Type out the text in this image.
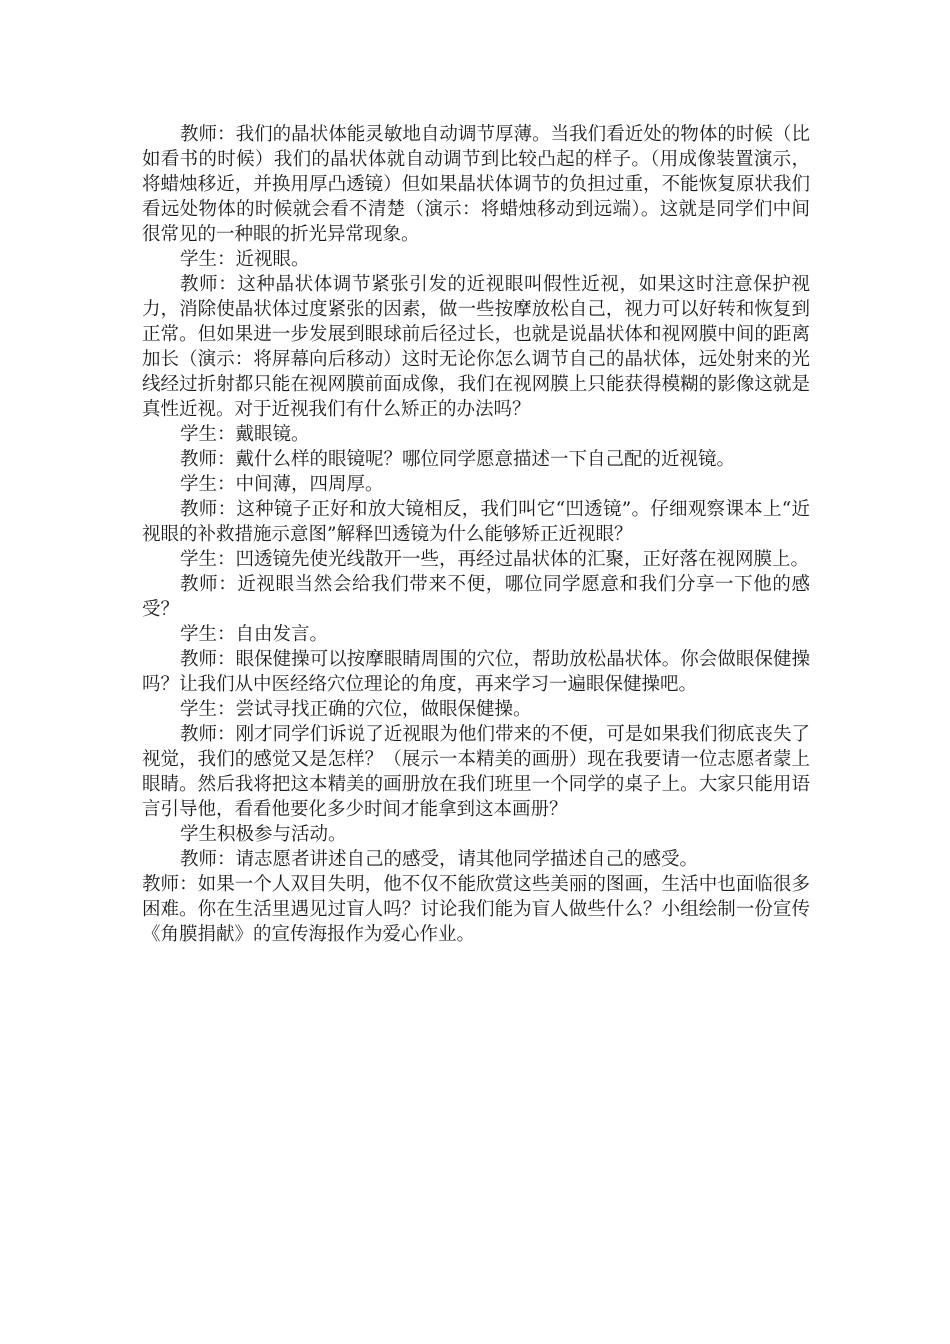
教师：我们的晶状体能灵敏地自动调节厚薄。当我们看近处的物体的时候（比如看书的时候）我们的晶状体就自动调节到比较凸起的样子。（用成像装置演示，将蜡烛移近，并换用厚凸透镜）但如果晶状体调节的负担过重，不能恢复原状我们看远处物体的时候就会看不清楚（演示：将蜡烛移动到远端）。这就是同学们中间很常见的一种眼的折光异常现象。

学生：近视眼。

教师：这种晶状体调节紧张引发的近视眼叫假性近视，如果这时注意保护视力，消除使晶状体过度紧张的因素，做一些按摩放松自己，视力可以好转和恢复到正常。但如果进一步发展到眼球前后径过长，也就是说晶状体和视网膜中间的距离加长（演示：将屏幕向后移动）这时无论你怎么调节自己的晶状体，远处射来的光线经过折射都只能在视网膜前面成像，我们在视网膜上只能获得模糊的影像这就是真性近视。对于近视我们有什么矫正的办法吗？

学生：戴眼镜。

教师：戴什么样的眼镜呢？哪位同学愿意描述一下自己配的近视镜。

学生：中间薄，四周厚。

教师：这种镜子正好和放大镜相反，我们叫它“凹透镜”。仔细观察课本上“近视眼的补救措施示意图”解释凹透镜为什么能够矫正近视眼？

学生：凹透镜先使光线散开一些，再经过晶状体的汇聚，正好落在视网膜上。

教师：近视眼当然会给我们带来不便，哪位同学愿意和我们分享一下他的感受？

学生：自由发言。

教师：眼保健操可以按摩眼睛周围的穴位，帮助放松晶状体。你会做眼保健操吗？让我们从中医经络穴位理论的角度，再来学习一遍眼保健操吧。

学生：尝试寻找正确的穴位，做眼保健操。

教师：刚才同学们诉说了近视眼为他们带来的不便，可是如果我们彻底丧失了视觉，我们的感觉又是怎样？（展示一本精美的画册）现在我要请一位志愿者蒙上眼睛。然后我将把这本精美的画册放在我们班里一个同学的桌子上。大家只能用语言引导他，看看他要化多少时间才能拿到这本画册？

学生积极参与活动。

教师：请志愿者讲述自己的感受，请其他同学描述自己的感受。

教师：如果一个人双目失明，他不仅不能欣赏这些美丽的图画，生活中也面临很多困难。你在生活里遇见过盲人吗？讨论我们能为盲人做些什么？小组绘制一份宣传《角膜捐献》的宣传海报作为爱心作业。
